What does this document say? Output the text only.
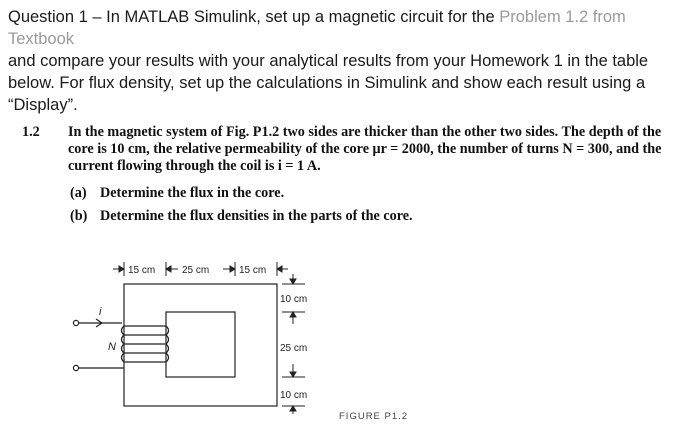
Question 1 – In MATLAB Simulink, set up a magnetic circuit for the Problem 1.2 from Textbook
and compare your results with your analytical results from your Homework 1 in the table
below. For flux density, set up the calculations in Simulink and show each result using a
“Display”.
1.2 In the magnetic system of Fig. P1.2 two sides are thicker than the other two sides. The depth of the
core is 10 cm, the relative permeability of the core μr = 2000, the number of turns N = 300, and the
current flowing through the coil is i = 1 A.
(a) Determine the flux in the core.
(b) Determine the flux densities in the parts of the core.
i
N
15 cm	25 cm	15 cm
10 cm
25 cm
10 cm
FIGURE P1.2
